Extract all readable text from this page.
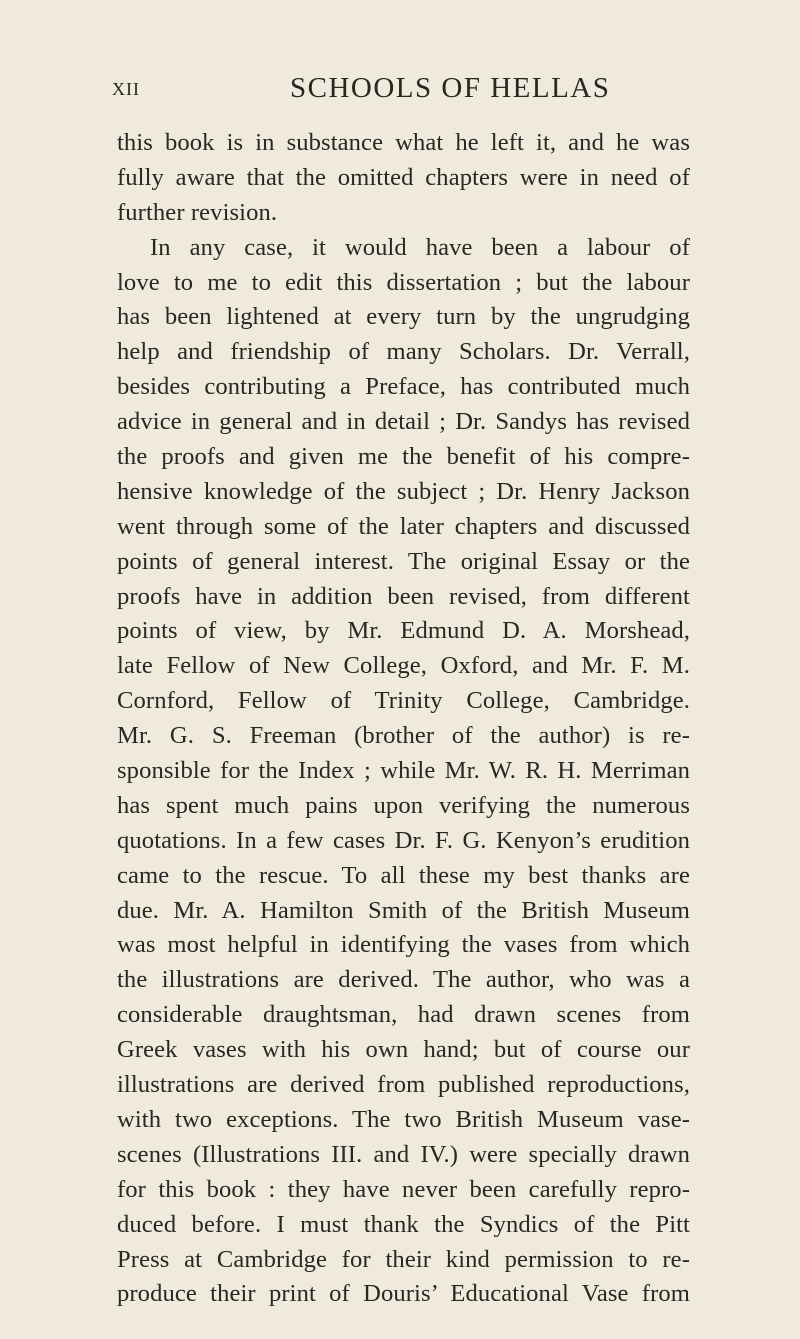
xii	SCHOOLS OF HELLAS
this book is in substance what he left it, and he was
fully aware that the omitted chapters were in need of
further revision.
In any case, it would have been a labour of
love to me to edit this dissertation ; but the labour
has been lightened at every turn by the ungrudging
help and friendship of many Scholars. Dr. Verrall,
besides contributing a Preface, has contributed much
advice in general and in detail ; Dr. Sandys has revised
the proofs and given me the benefit of his compre-
hensive knowledge of the subject ; Dr. Henry Jackson
went through some of the later chapters and discussed
points of general interest. The original Essay or the
proofs have in addition been revised, from different
points of view, by Mr. Edmund D. A. Morshead,
late Fellow of New College, Oxford, and Mr. F. M.
Cornford, Fellow of Trinity College, Cambridge.
Mr. G. S. Freeman (brother of the author) is re-
sponsible for the Index ; while Mr. W. R. H. Merriman
has spent much pains upon verifying the numerous
quotations. In a few cases Dr. F. G. Kenyon’s erudition
came to the rescue. To all these my best thanks are
due. Mr. A. Hamilton Smith of the British Museum
was most helpful in identifying the vases from which
the illustrations are derived. The author, who was a
considerable draughtsman, had drawn scenes from
Greek vases with his own hand; but of course our
illustrations are derived from published reproductions,
with two exceptions. The two British Museum vase-
scenes (Illustrations III. and IV.) were specially drawn
for this book : they have never been carefully repro-
duced before. I must thank the Syndics of the Pitt
Press at Cambridge for their kind permission to re-
produce their print of Douris’ Educational Vase from
